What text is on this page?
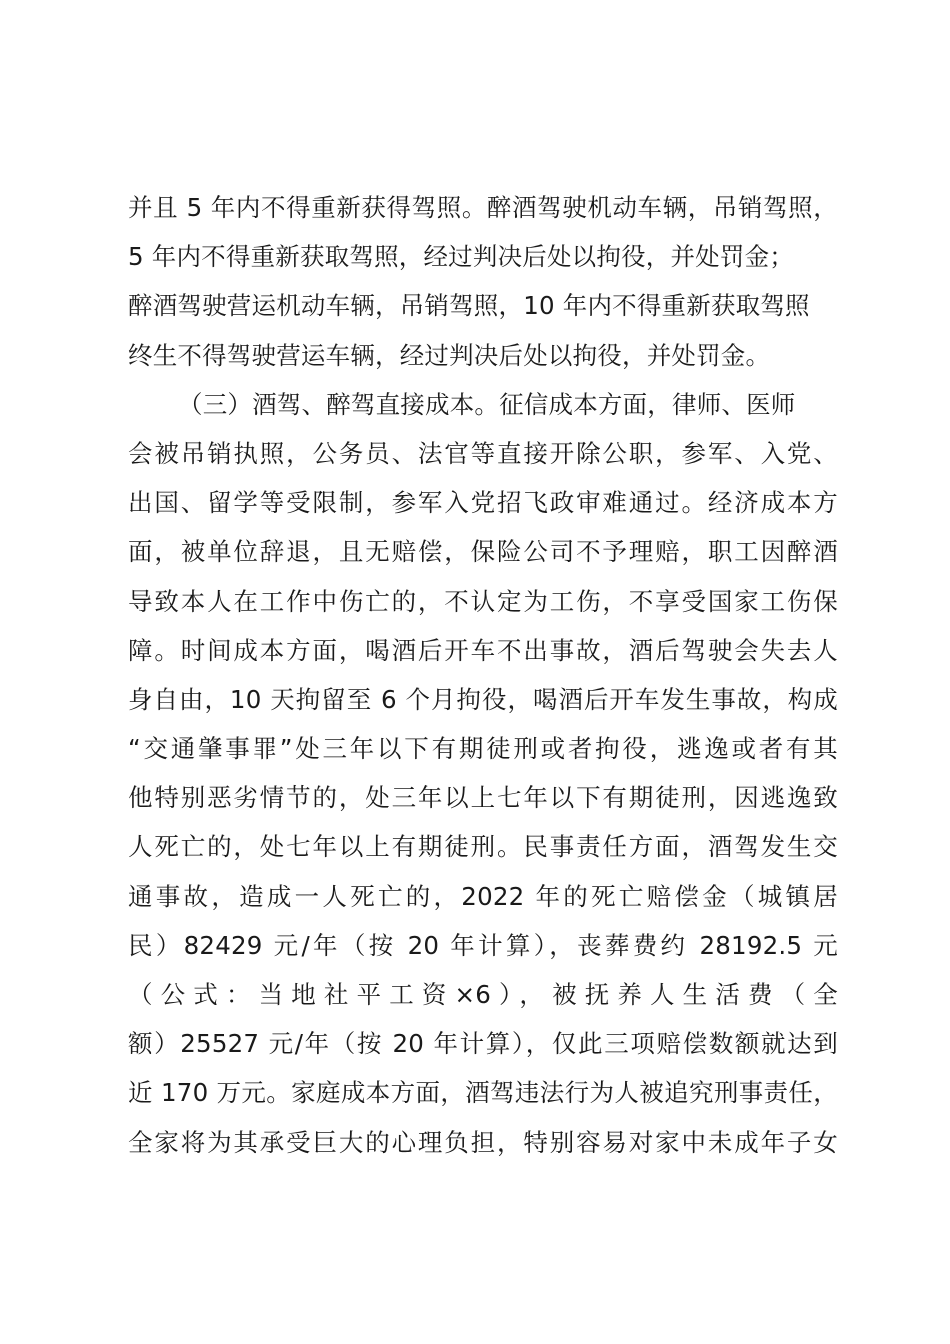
并且 5 年内不得重新获得驾照。醉酒驾驶机动车辆，吊销驾照，
5 年内不得重新获取驾照，经过判决后处以拘役，并处罚金；
醉酒驾驶营运机动车辆，吊销驾照，10 年内不得重新获取驾照
终生不得驾驶营运车辆，经过判决后处以拘役，并处罚金。
（三）酒驾、醉驾直接成本。征信成本方面，律师、医师
会被吊销执照，公务员、法官等直接开除公职，参军、入党、
出国、留学等受限制，参军入党招飞政审难通过。经济成本方
面，被单位辞退，且无赔偿，保险公司不予理赔，职工因醉酒
导致本人在工作中伤亡的，不认定为工伤，不享受国家工伤保
障。时间成本方面，喝酒后开车不出事故，酒后驾驶会失去人
身自由，10 天拘留至 6 个月拘役，喝酒后开车发生事故，构成
“交通肇事罪”处三年以下有期徒刑或者拘役，逃逸或者有其
他特别恶劣情节的，处三年以上七年以下有期徒刑，因逃逸致
人死亡的，处七年以上有期徒刑。民事责任方面，酒驾发生交
通事故，造成一人死亡的，2022 年的死亡赔偿金（城镇居
民）82429 元/年（按 20 年计算），丧葬费约 28192.5 元
（公式：当地社平工资×6），被抚养人生活费（全
额）25527 元/年（按 20 年计算），仅此三项赔偿数额就达到
近 170 万元。家庭成本方面，酒驾违法行为人被追究刑事责任，
全家将为其承受巨大的心理负担，特别容易对家中未成年子女
